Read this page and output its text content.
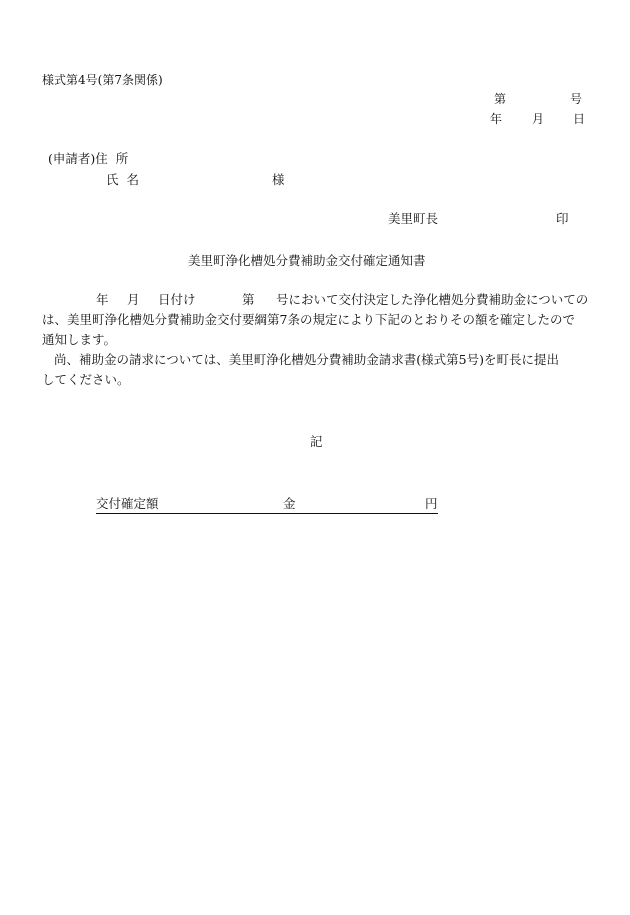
様式第4号(第7条関係)
第	号
年 月 日
(申請者)住  所
氏  名	様
美里町長	印
美里町浄化槽処分費補助金交付確定通知書
年 月 日付け	第 号において交付決定した浄化槽処分費補助金についての
は、美里町浄化槽処分費補助金交付要綱第7条の規定により下記のとおりその額を確定したので
通知します。
尚、補助金の請求については、美里町浄化槽処分費補助金請求書(様式第5号)を町長に提出
してください。
記
交付確定額	金	円
